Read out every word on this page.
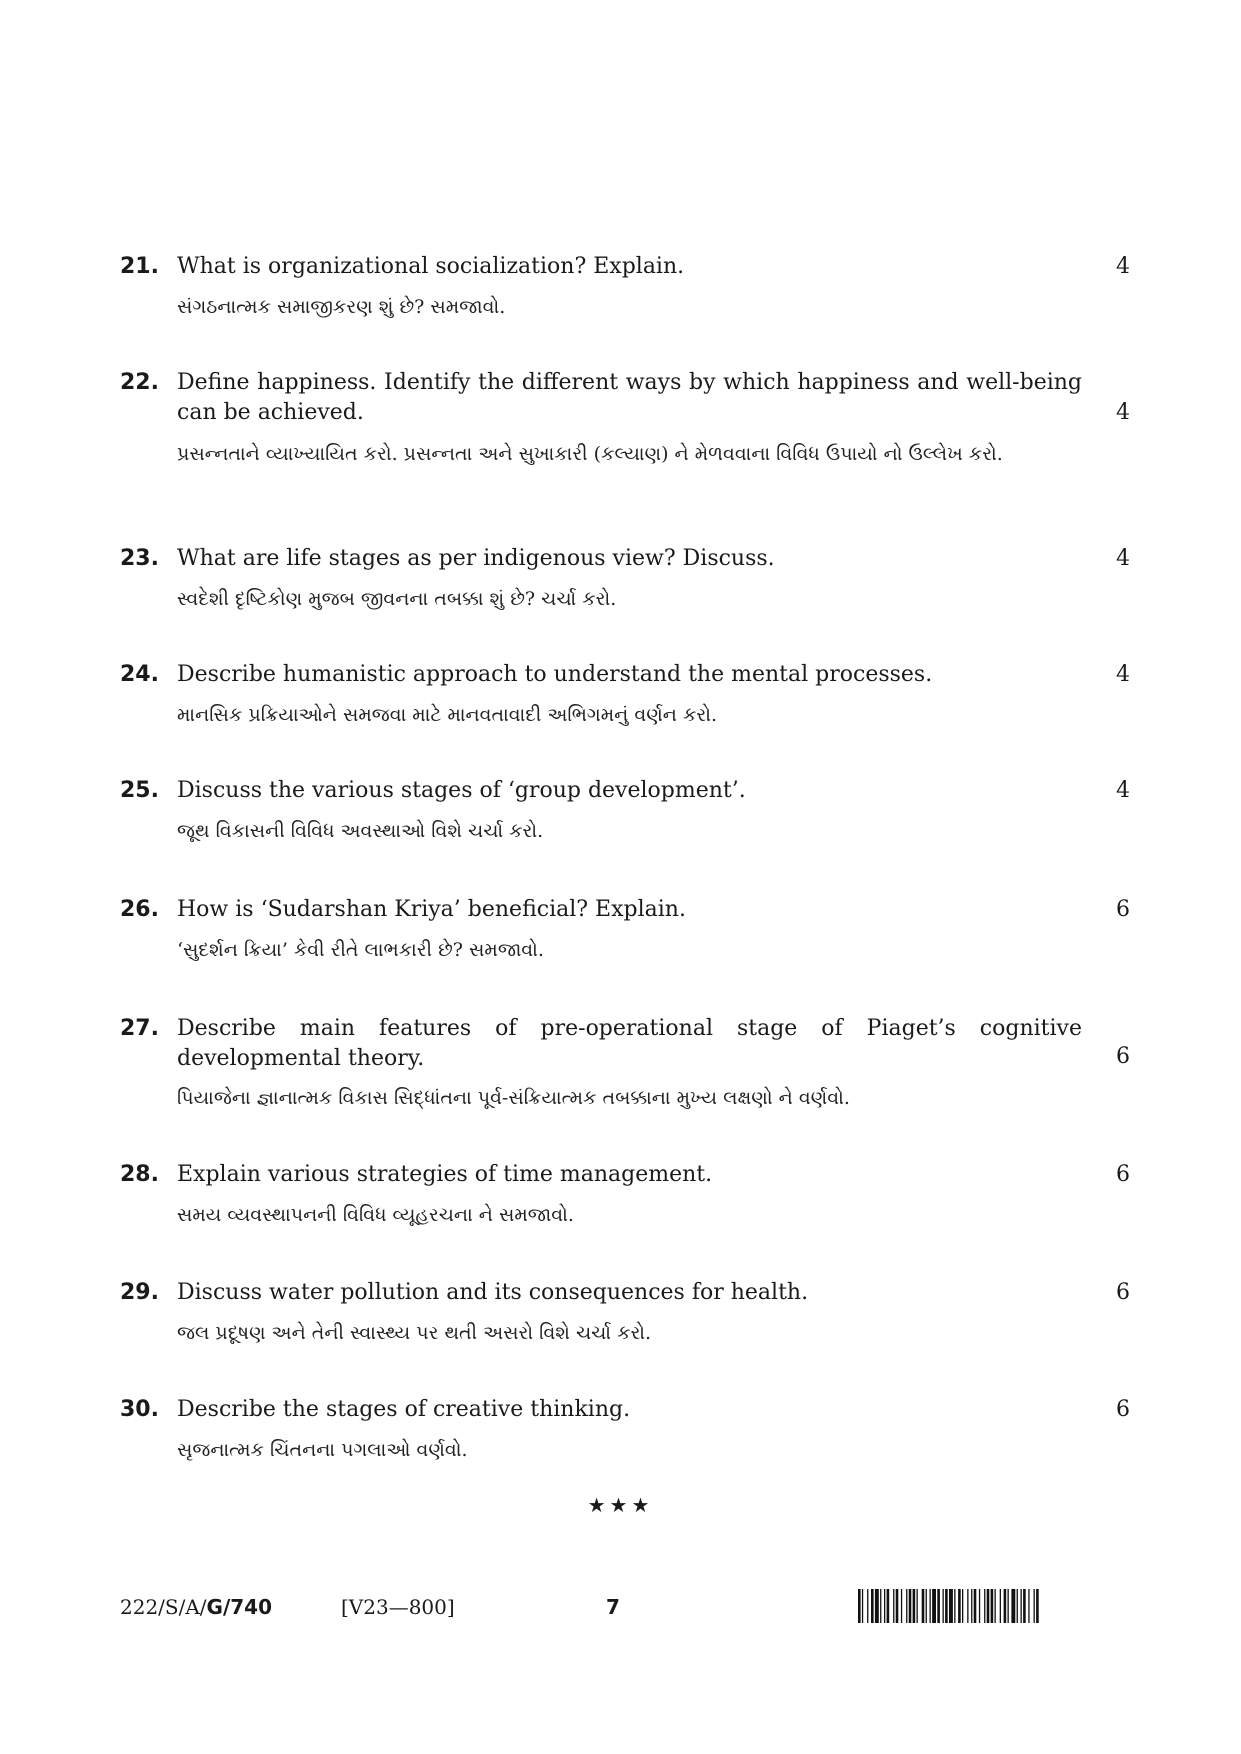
21. What is organizational socialization? Explain.
સંગઠનાત્મક સમાજીકરણ શું છે? સમજાવો.
4
22. Define happiness. Identify the different ways by which happiness and well-being can be achieved.
પ્રસન્નતાને વ્યાખ્યાયિત કરો. પ્રસન્નતા અને સુખાકારી (કલ્યાણ) ને મેળવવાના વિવિધ ઉપાયો નો ઉલ્લેખ કરો.
4
23. What are life stages as per indigenous view? Discuss.
સ્વદેશી દૃષ્ટિકોણ મુજબ જીવનના તબક્કા શું છે? ચર્ચા કરો.
4
24. Describe humanistic approach to understand the mental processes.
માનસિક પ્રક્રિયાઓને સમજવા માટે માનવતાવાદી અભિગમનું વર્ણન કરો.
4
25. Discuss the various stages of ‘group development’.
જૂથ વિકાસની વિવિધ અવસ્થાઓ વિશે ચર્ચા કરો.
4
26. How is ‘Sudarshan Kriya’ beneficial? Explain.
‘સુદર્શન ક્રિયા’ કેવી રીતે લાભકારી છે? સમજાવો.
6
27. Describe main features of pre-operational stage of Piaget’s cognitive developmental theory.
પિયાજેના જ્ઞાનાત્મક વિકાસ સિદ્ધાંતના પૂર્વ-સંક્રિયાત્મક તબક્કાના મુખ્ય લક્ષણો ને વર્ણવો.
6
28. Explain various strategies of time management.
સમય વ્યવસ્થાપનની વિવિધ વ્યૂહરચના ને સમજાવો.
6
29. Discuss water pollution and its consequences for health.
જલ પ્રદૂષણ અને તેની સ્વાસ્થ્ય પર થતી અસરો વિશે ચર્ચા કરો.
6
30. Describe the stages of creative thinking.
સૃજનાત્મક ચિંતનના પગલાઓ વર્ણવો.
6
★★★
222/S/A/G/740	[V23—800]	7
